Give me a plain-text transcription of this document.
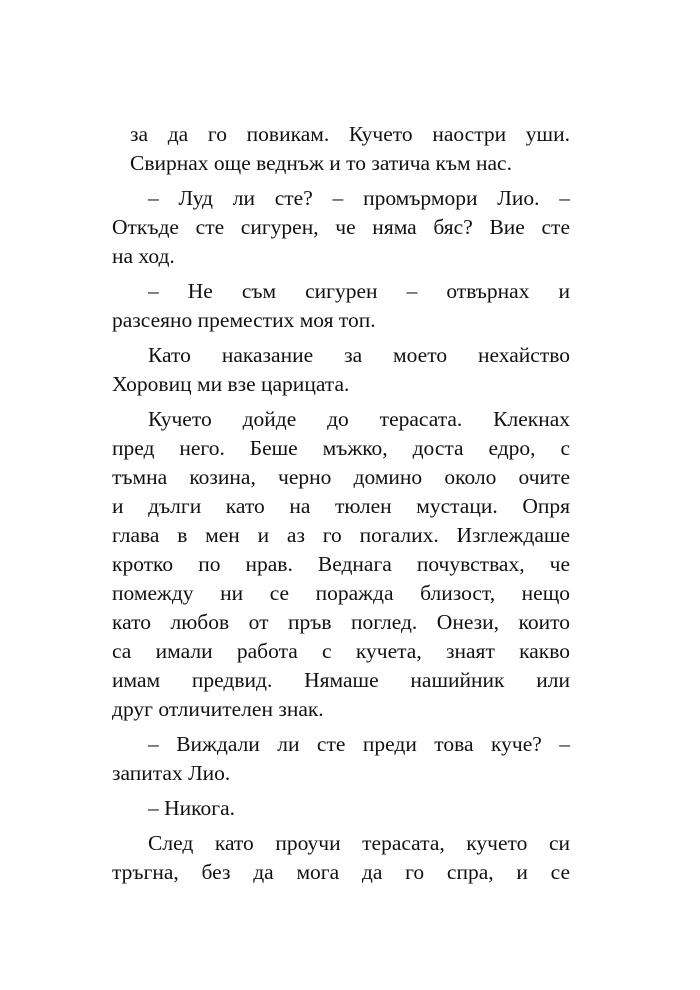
за да го повикам. Кучето наостри уши.
Свирнах още веднъж и то затича към нас.
– Луд ли сте? – промърмори Лио. –
Откъде сте сигурен, че няма бяс? Вие сте
на ход.
– Не съм сигурен – отвърнах и
разсеяно преместих моя топ.
Като наказание за моето нехайство
Хоровиц ми взе царицата.
Кучето дойде до терасата. Клекнах
пред него. Беше мъжко, доста едро, с
тъмна козина, черно домино около очите
и дълги като на тюлен мустаци. Опря
глава в мен и аз го погалих. Изглеждаше
кротко по нрав. Веднага почувствах, че
помежду ни се поражда близост, нещо
като любов от пръв поглед. Онези, които
са имали работа с кучета, знаят какво
имам предвид. Нямаше нашийник или
друг отличителен знак.
– Виждали ли сте преди това куче? –
запитах Лио.
– Никога.
След като проучи терасата, кучето си
тръгна, без да мога да го спра, и се
